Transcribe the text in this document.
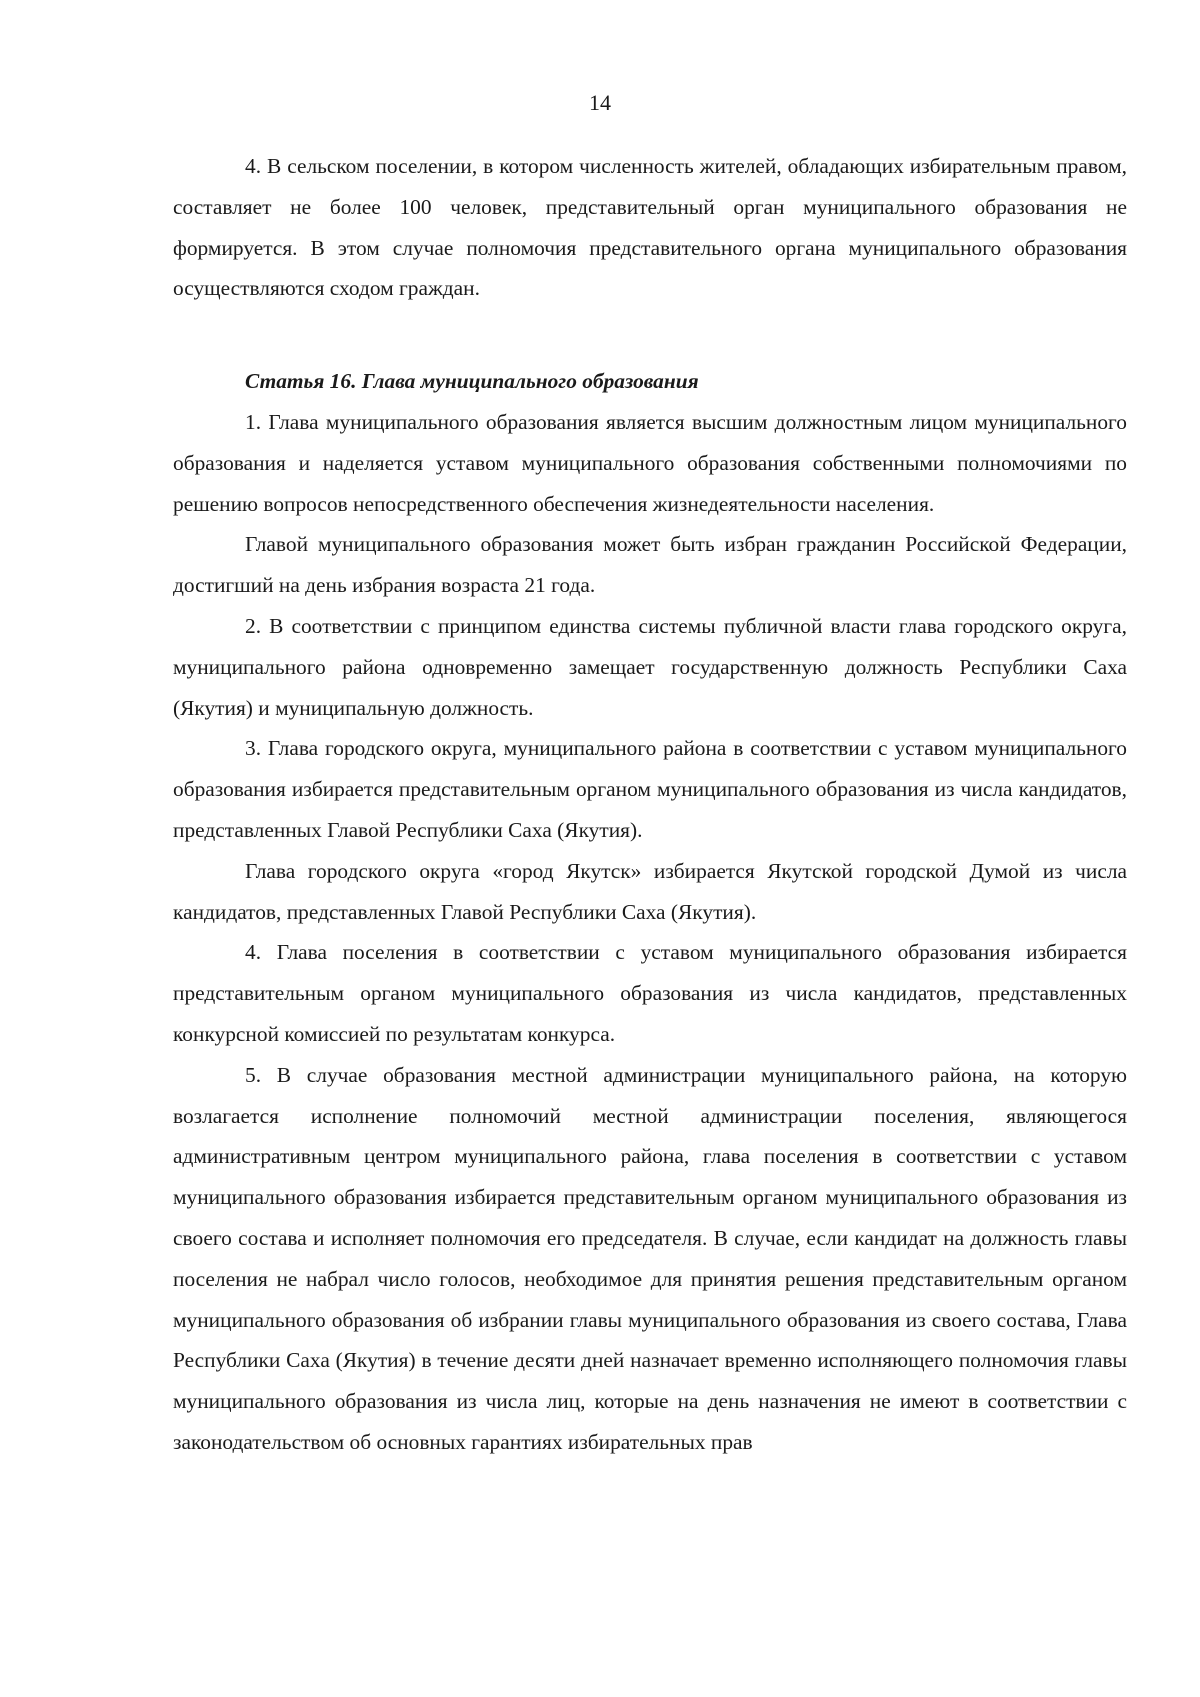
14

4. В сельском поселении, в котором численность жителей, обладающих избирательным правом, составляет не более 100 человек, представительный орган муниципального образования не формируется. В этом случае полномочия представительного органа муниципального образования осуществляются сходом граждан.

Статья 16. Глава муниципального образования

1. Глава муниципального образования является высшим должностным лицом муниципального образования и наделяется уставом муниципального образования собственными полномочиями по решению вопросов непосредственного обеспечения жизнедеятельности населения.

Главой муниципального образования может быть избран гражданин Российской Федерации, достигший на день избрания возраста 21 года.

2. В соответствии с принципом единства системы публичной власти глава городского округа, муниципального района одновременно замещает государственную должность Республики Саха (Якутия) и муниципальную должность.

3. Глава городского округа, муниципального района в соответствии с уставом муниципального образования избирается представительным органом муниципального образования из числа кандидатов, представленных Главой Республики Саха (Якутия).

Глава городского округа «город Якутск» избирается Якутской городской Думой из числа кандидатов, представленных Главой Республики Саха (Якутия).

4. Глава поселения в соответствии с уставом муниципального образования избирается представительным органом муниципального образования из числа кандидатов, представленных конкурсной комиссией по результатам конкурса.

5. В случае образования местной администрации муниципального района, на которую возлагается исполнение полномочий местной администрации поселения, являющегося административным центром муниципального района, глава поселения в соответствии с уставом муниципального образования избирается представительным органом муниципального образования из своего состава и исполняет полномочия его председателя. В случае, если кандидат на должность главы поселения не набрал число голосов, необходимое для принятия решения представительным органом муниципального образования об избрании главы муниципального образования из своего состава, Глава Республики Саха (Якутия) в течение десяти дней назначает временно исполняющего полномочия главы муниципального образования из числа лиц, которые на день назначения не имеют в соответствии с законодательством об основных гарантиях избирательных прав
